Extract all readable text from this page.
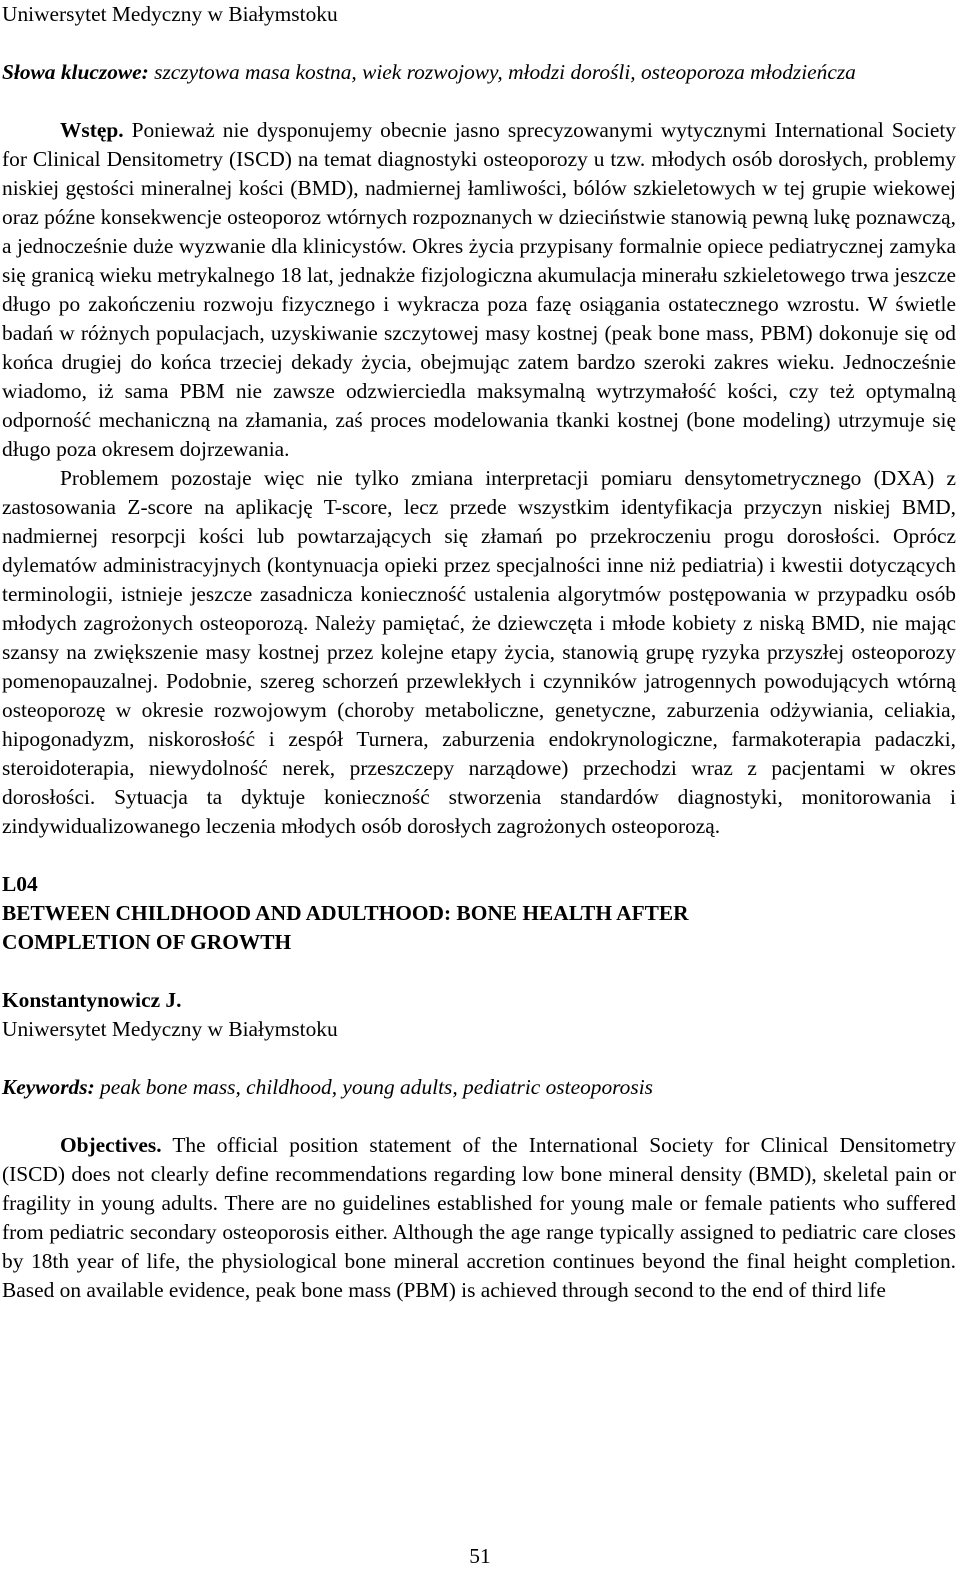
Uniwersytet Medyczny w Białymstoku

Słowa kluczowe: szczytowa masa kostna, wiek rozwojowy, młodzi dorośli, osteoporoza młodzieńcza

Wstęp. Ponieważ nie dysponujemy obecnie jasno sprecyzowanymi wytycznymi International Society for Clinical Densitometry (ISCD) na temat diagnostyki osteoporozy u tzw. młodych osób dorosłych, problemy niskiej gęstości mineralnej kości (BMD), nadmiernej łamliwości, bólów szkieletowych w tej grupie wiekowej oraz późne konsekwencje osteoporoz wtórnych rozpoznanych w dzieciństwie stanowią pewną lukę poznawczą, a jednocześnie duże wyzwanie dla klinicystów. Okres życia przypisany formalnie opiece pediatrycznej zamyka się granicą wieku metrykalnego 18 lat, jednakże fizjologiczna akumulacja minerału szkieletowego trwa jeszcze długo po zakończeniu rozwoju fizycznego i wykracza poza fazę osiągania ostatecznego wzrostu. W świetle badań w różnych populacjach, uzyskiwanie szczytowej masy kostnej (peak bone mass, PBM) dokonuje się od końca drugiej do końca trzeciej dekady życia, obejmując zatem bardzo szeroki zakres wieku. Jednocześnie wiadomo, iż sama PBM nie zawsze odzwierciedla maksymalną wytrzymałość kości, czy też optymalną odporność mechaniczną na złamania, zaś proces modelowania tkanki kostnej (bone modeling) utrzymuje się długo poza okresem dojrzewania.

Problemem pozostaje więc nie tylko zmiana interpretacji pomiaru densytometrycznego (DXA) z zastosowania Z-score na aplikację T-score, lecz przede wszystkim identyfikacja przyczyn niskiej BMD, nadmiernej resorpcji kości lub powtarzających się złamań po przekroczeniu progu dorosłości. Oprócz dylematów administracyjnych (kontynuacja opieki przez specjalności inne niż pediatria) i kwestii dotyczących terminologii, istnieje jeszcze zasadnicza konieczność ustalenia algorytmów postępowania w przypadku osób młodych zagrożonych osteoporozą. Należy pamiętać, że dziewczęta i młode kobiety z niską BMD, nie mając szansy na zwiększenie masy kostnej przez kolejne etapy życia, stanowią grupę ryzyka przyszłej osteoporozy pomenopauzalnej. Podobnie, szereg schorzeń przewlekłych i czynników jatrogennych powodujących wtórną osteoporozę w okresie rozwojowym (choroby metaboliczne, genetyczne, zaburzenia odżywiania, celiakia, hipogonadyzm, niskorosłość i zespół Turnera, zaburzenia endokrynologiczne, farmakoterapia padaczki, steroidoterapia, niewydolność nerek, przeszczepy narządowe) przechodzi wraz z pacjentami w okres dorosłości. Sytuacja ta dyktuje konieczność stworzenia standardów diagnostyki, monitorowania i zindywidualizowanego leczenia młodych osób dorosłych zagrożonych osteoporozą.

L04

BETWEEN CHILDHOOD AND ADULTHOOD: BONE HEALTH AFTER

COMPLETION OF GROWTH

Konstantynowicz J.

Uniwersytet Medyczny w Białymstoku

Keywords: peak bone mass, childhood, young adults, pediatric osteoporosis

Objectives. The official position statement of the International Society for Clinical Densitometry (ISCD) does not clearly define recommendations regarding low bone mineral density (BMD), skeletal pain or fragility in young adults. There are no guidelines established for young male or female patients who suffered from pediatric secondary osteoporosis either. Although the age range typically assigned to pediatric care closes by 18th year of life, the physiological bone mineral accretion continues beyond the final height completion. Based on available evidence, peak bone mass (PBM) is achieved through second to the end of third life

51
